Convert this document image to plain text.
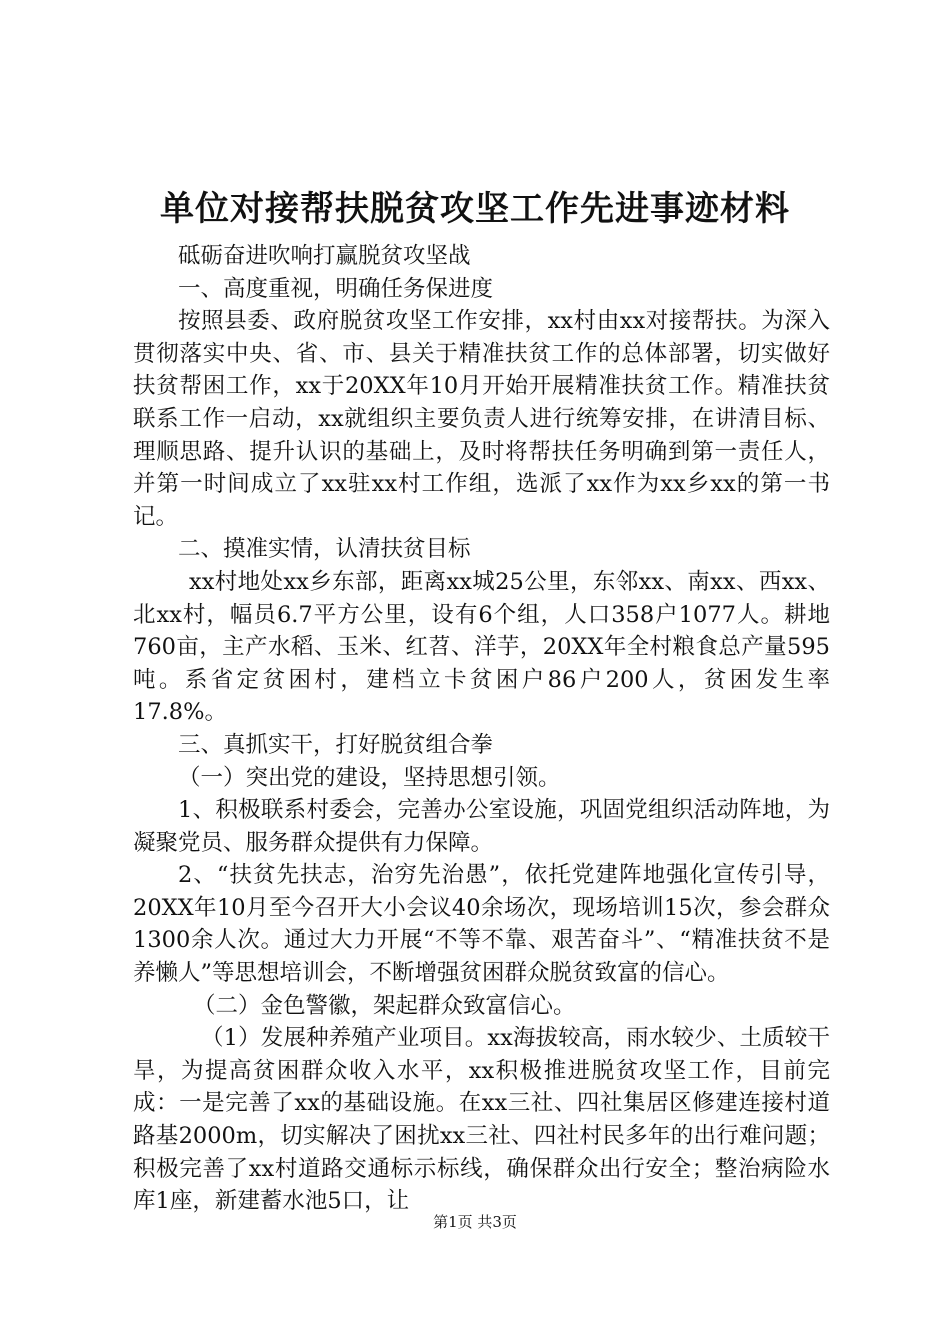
单位对接帮扶脱贫攻坚工作先进事迹材料

砥砺奋进吹响打赢脱贫攻坚战

一、高度重视，明确任务保进度

按照县委、政府脱贫攻坚工作安排，xx村由xx对接帮扶。为深入贯彻落实中央、省、市、县关于精准扶贫工作的总体部署，切实做好扶贫帮困工作，xx于20XX年10月开始开展精准扶贫工作。精准扶贫联系工作一启动，xx就组织主要负责人进行统筹安排，在讲清目标、理顺思路、提升认识的基础上，及时将帮扶任务明确到第一责任人，并第一时间成立了xx驻xx村工作组，选派了xx作为xx乡xx的第一书记。

二、摸准实情，认清扶贫目标

xx村地处xx乡东部，距离xx城25公里，东邻xx、南xx、西xx、北xx村，幅员6.7平方公里，设有6个组，人口358户1077人。耕地760亩，主产水稻、玉米、红苕、洋芋，20XX年全村粮食总产量595吨。系省定贫困村，建档立卡贫困户86户200人，贫困发生率17.8%。

三、真抓实干，打好脱贫组合拳

（一）突出党的建设，坚持思想引领。

1、积极联系村委会，完善办公室设施，巩固党组织活动阵地，为凝聚党员、服务群众提供有力保障。

2、“扶贫先扶志，治穷先治愚”，依托党建阵地强化宣传引导，20XX年10月至今召开大小会议40余场次，现场培训15次，参会群众1300余人次。通过大力开展“不等不靠、艰苦奋斗”、“精准扶贫不是养懒人”等思想培训会，不断增强贫困群众脱贫致富的信心。

（二）金色警徽，架起群众致富信心。

（1）发展种养殖产业项目。xx海拔较高，雨水较少、土质较干旱，为提高贫困群众收入水平，xx积极推进脱贫攻坚工作，目前完成：一是完善了xx的基础设施。在xx三社、四社集居区修建连接村道路基2000m，切实解决了困扰xx三社、四社村民多年的出行难问题；积极完善了xx村道路交通标示标线，确保群众出行安全；整治病险水库1座，新建蓄水池5口，让

第1页 共3页
